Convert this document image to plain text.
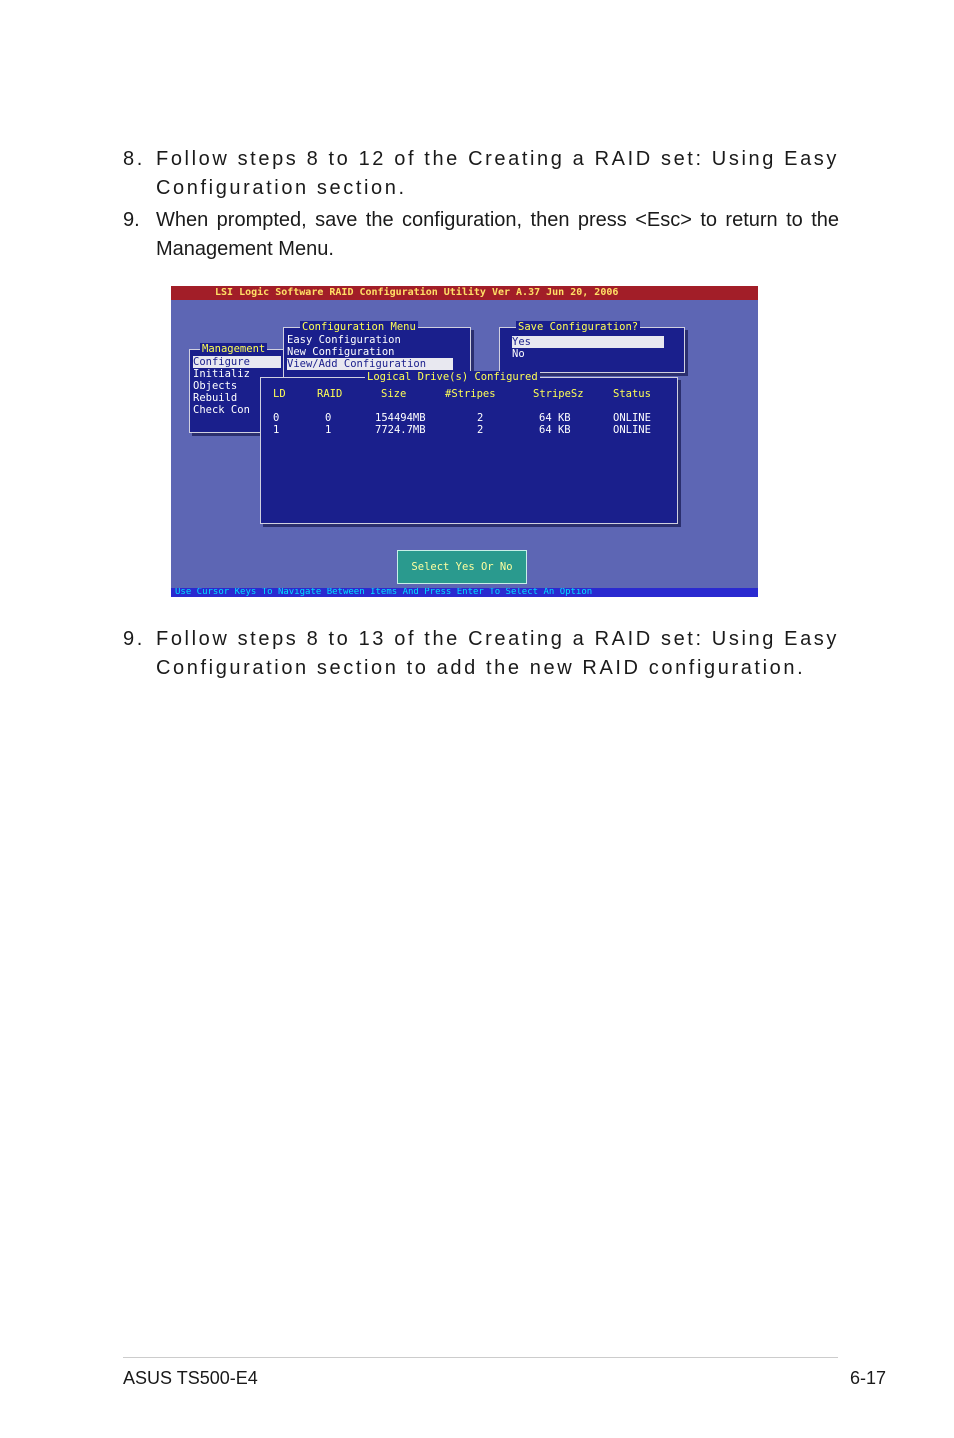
8. Follow steps 8 to 12 of the Creating a RAID set: Using Easy Configuration section.
9. When prompted, save the configuration, then press <Esc> to return to the Management Menu.
LSI Logic Software RAID Configuration Utility Ver A.37 Jun 20, 2006
Management
Configure
Initializ
Objects
Rebuild
Check Con
Configuration Menu
Easy Configuration
New Configuration
View/Add Configuration
Save Configuration?
Yes
No
Logical Drive(s) Configured
LD	RAID	Size	#Stripes	StripeSz	Status
0	0	154494MB	2	64 KB	ONLINE
1	1	7724.7MB	2	64 KB	ONLINE
Select Yes Or No
Use Cursor Keys To Navigate Between Items And Press Enter To Select An Option
9. Follow steps 8 to 13 of the Creating a RAID set: Using Easy Configuration section to add the new RAID configuration.
ASUS TS500-E4	6-17
